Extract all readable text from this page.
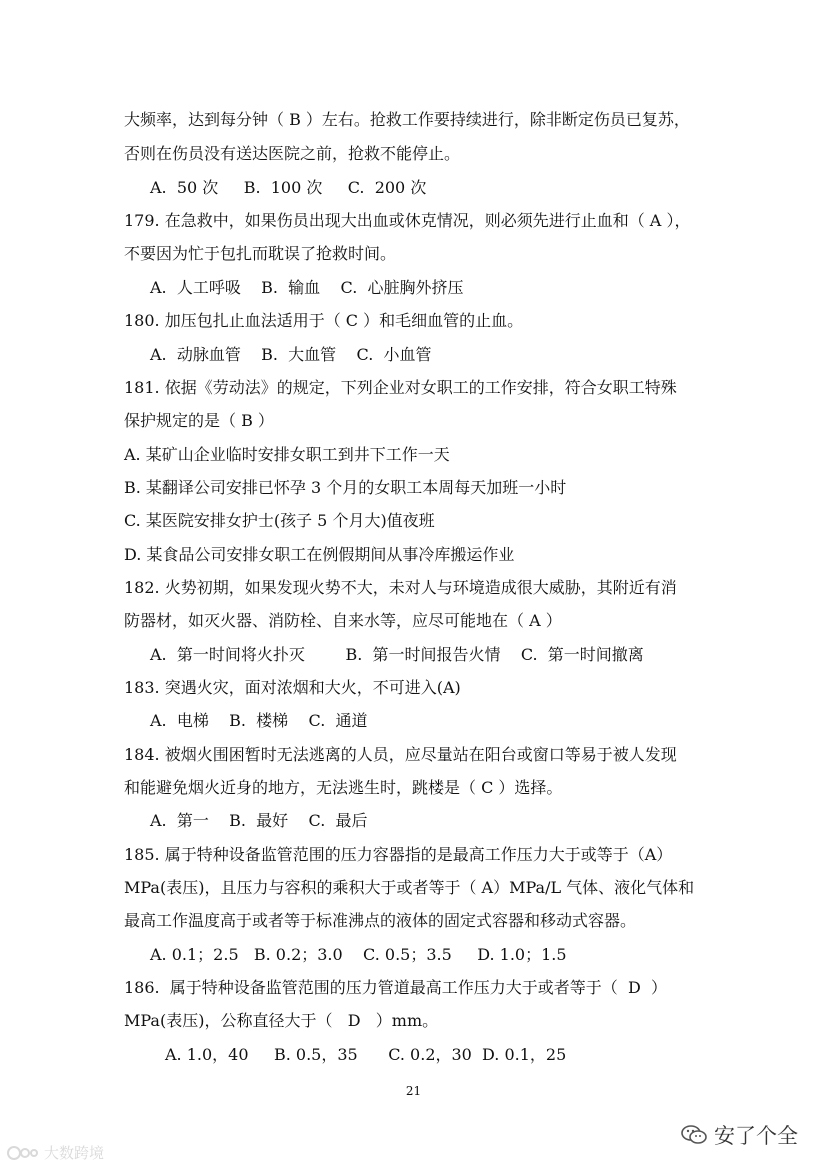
大频率，达到每分钟（ B ）左右。抢救工作要持续进行，除非断定伤员已复苏，
否则在伤员没有送达医院之前，抢救不能停止。
A.  50 次     B.  100 次     C.  200 次
179. 在急救中，如果伤员出现大出血或休克情况，则必须先进行止血和（ A ），
不要因为忙于包扎而耽误了抢救时间。
A.  人工呼吸    B.  输血    C.  心脏胸外挤压
180. 加压包扎止血法适用于（ C ）和毛细血管的止血。
A.  动脉血管    B.  大血管    C.  小血管
181. 依据《劳动法》的规定，下列企业对女职工的工作安排，符合女职工特殊
保护规定的是（ B ）
A. 某矿山企业临时安排女职工到井下工作一天
B. 某翻译公司安排已怀孕 3 个月的女职工本周每天加班一小时
C. 某医院安排女护士(孩子 5 个月大)值夜班
D. 某食品公司安排女职工在例假期间从事冷库搬运作业
182. 火势初期，如果发现火势不大，未对人与环境造成很大威胁，其附近有消
防器材，如灭火器、消防栓、自来水等，应尽可能地在（ A ）
A.  第一时间将火扑灭        B.  第一时间报告火情    C.  第一时间撤离
183. 突遇火灾，面对浓烟和大火，不可进入(A)
A.  电梯    B.  楼梯    C.  通道
184. 被烟火围困暂时无法逃离的人员，应尽量站在阳台或窗口等易于被人发现
和能避免烟火近身的地方，无法逃生时，跳楼是（ C ）选择。
A.  第一    B.  最好    C.  最后
185. 属于特种设备监管范围的压力容器指的是最高工作压力大于或等于（A）
MPa(表压)，且压力与容积的乘积大于或者等于（ A）MPa/L 气体、液化气体和
最高工作温度高于或者等于标准沸点的液体的固定式容器和移动式容器。
A. 0.1；2.5   B. 0.2；3.0    C. 0.5；3.5     D. 1.0；1.5
186.  属于特种设备监管范围的压力管道最高工作压力大于或者等于（  D  ）
MPa(表压)，公称直径大于（   D   ）mm。
A. 1.0，40     B. 0.5，35      C. 0.2，30  D. 0.1，25
21
大数跨境
安了个全
